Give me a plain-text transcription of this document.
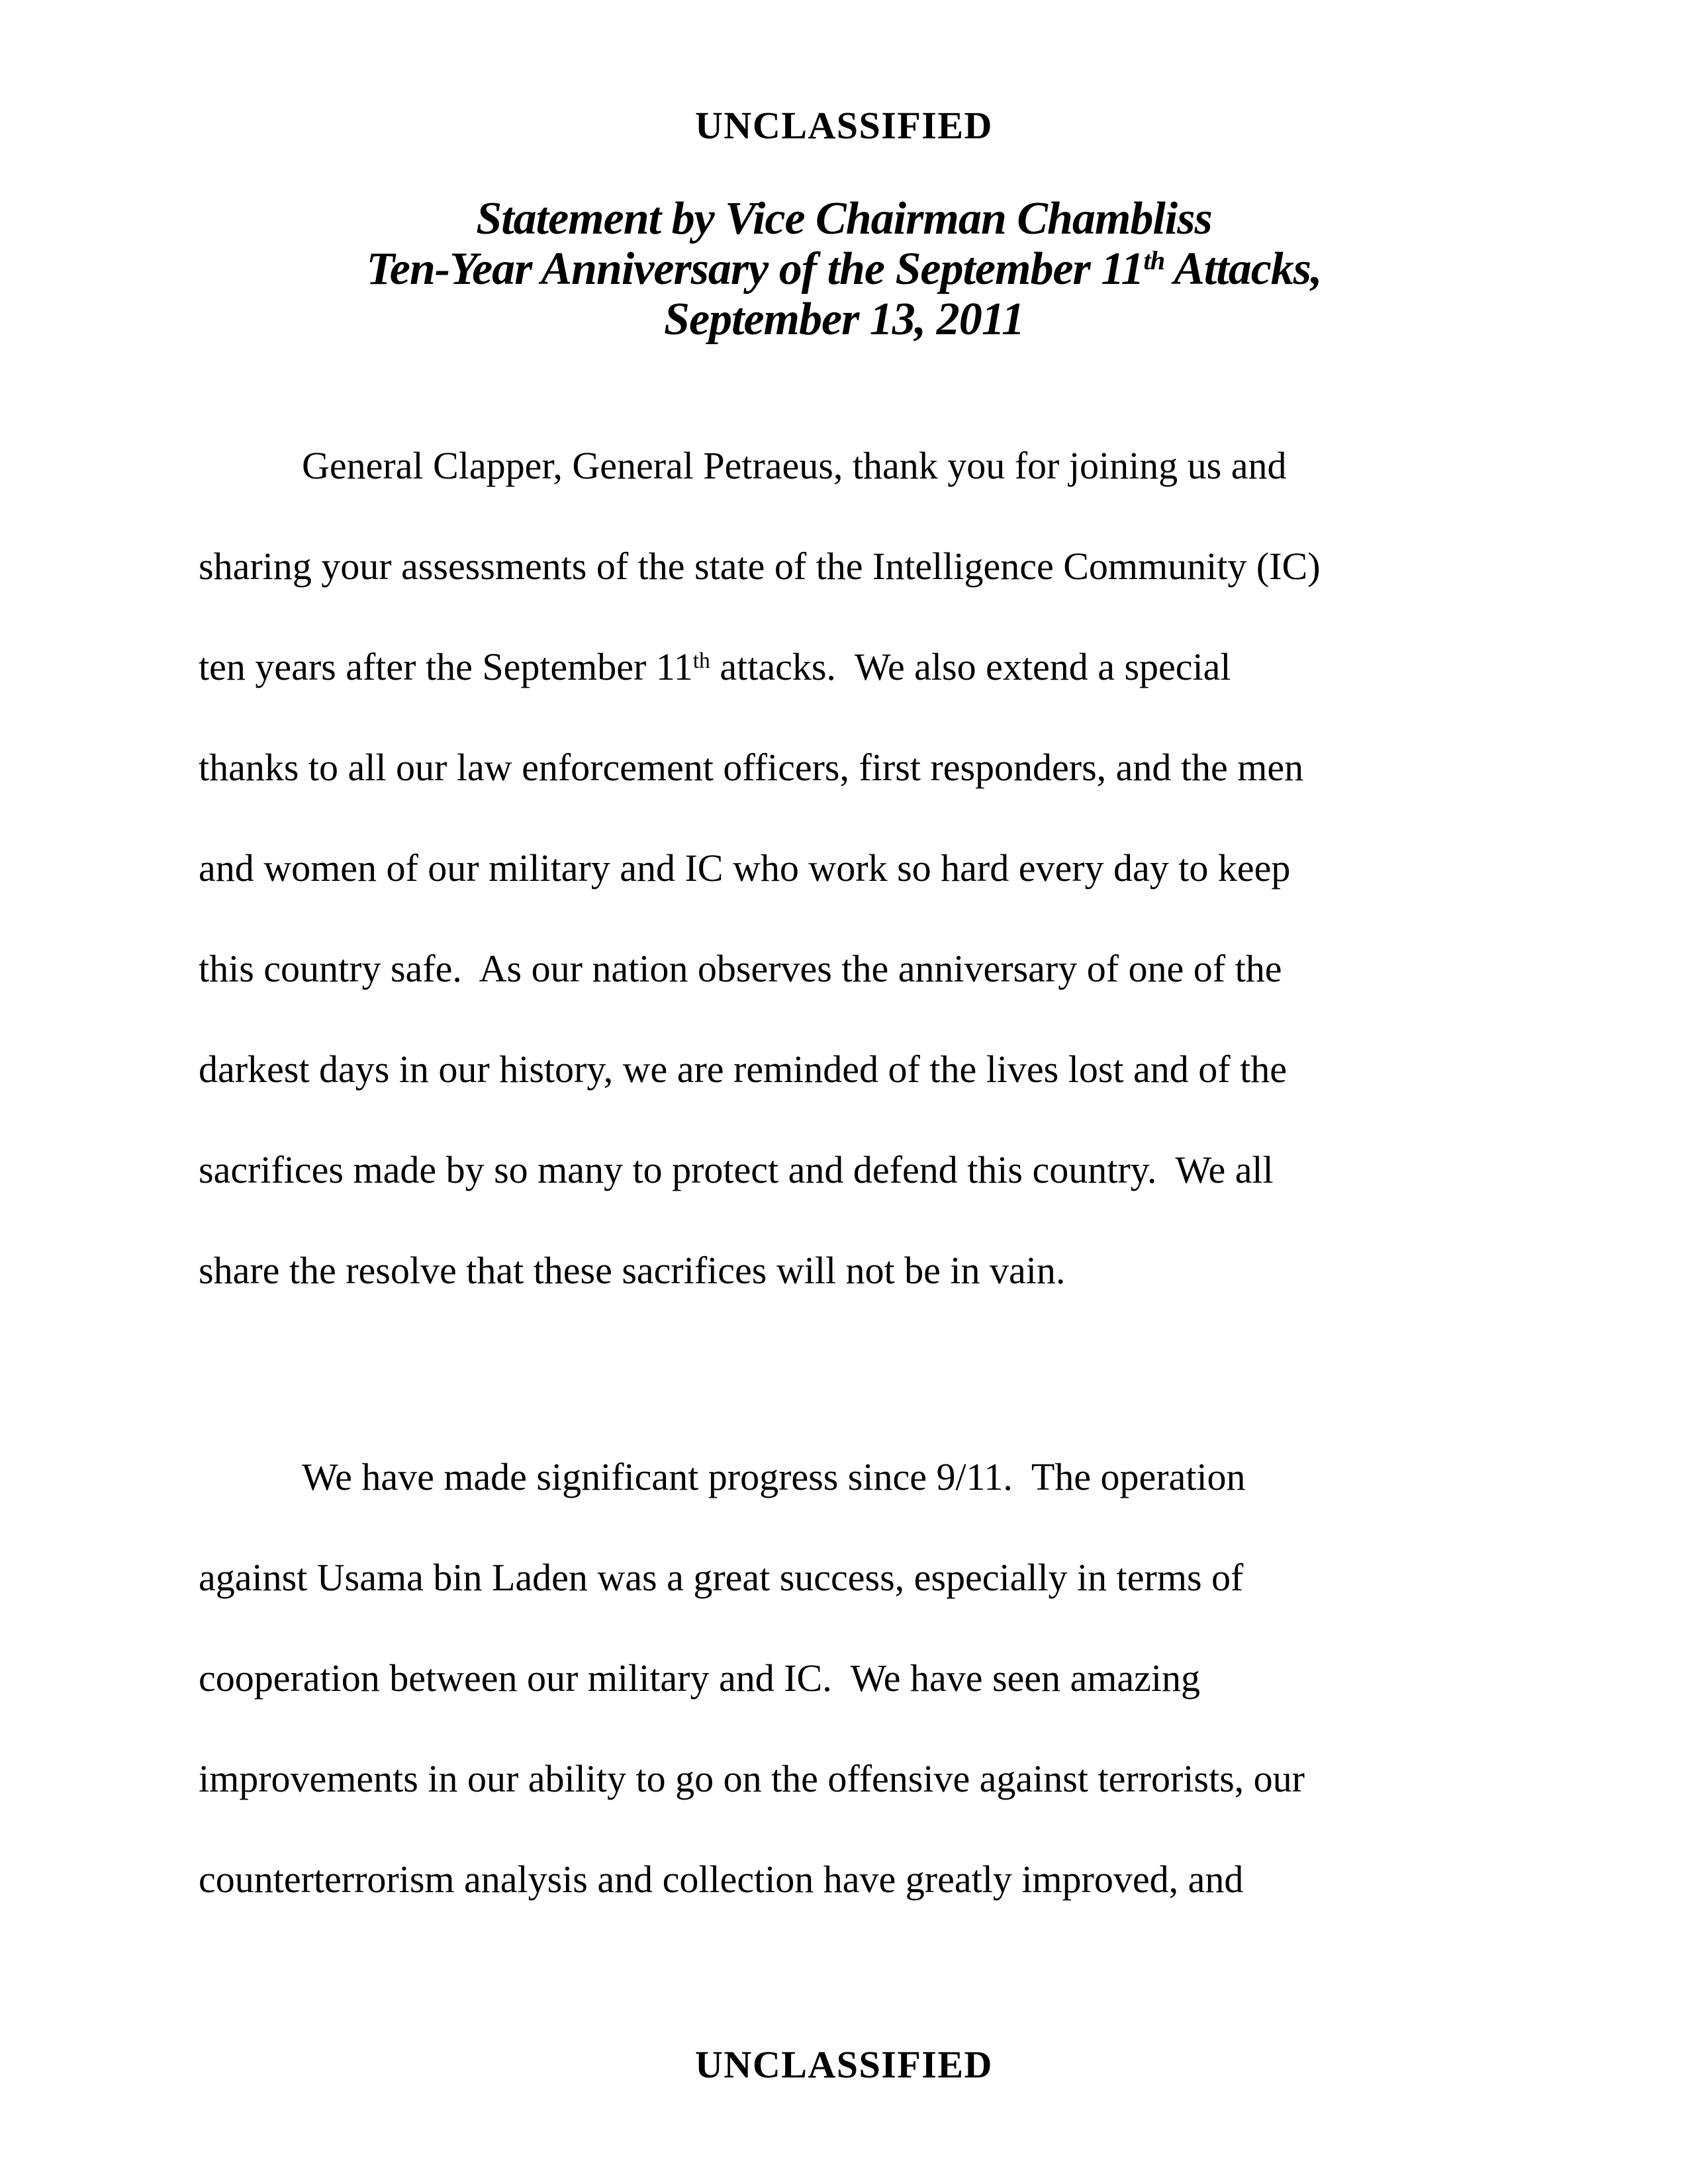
UNCLASSIFIED
Statement by Vice Chairman Chambliss
Ten-Year Anniversary of the September 11th Attacks,
September 13, 2011
General Clapper, General Petraeus, thank you for joining us and
sharing your assessments of the state of the Intelligence Community (IC)
ten years after the September 11th attacks.  We also extend a special
thanks to all our law enforcement officers, first responders, and the men
and women of our military and IC who work so hard every day to keep
this country safe.  As our nation observes the anniversary of one of the
darkest days in our history, we are reminded of the lives lost and of the
sacrifices made by so many to protect and defend this country.  We all
share the resolve that these sacrifices will not be in vain.
We have made significant progress since 9/11.  The operation
against Usama bin Laden was a great success, especially in terms of
cooperation between our military and IC.  We have seen amazing
improvements in our ability to go on the offensive against terrorists, our
counterterrorism analysis and collection have greatly improved, and
UNCLASSIFIED
